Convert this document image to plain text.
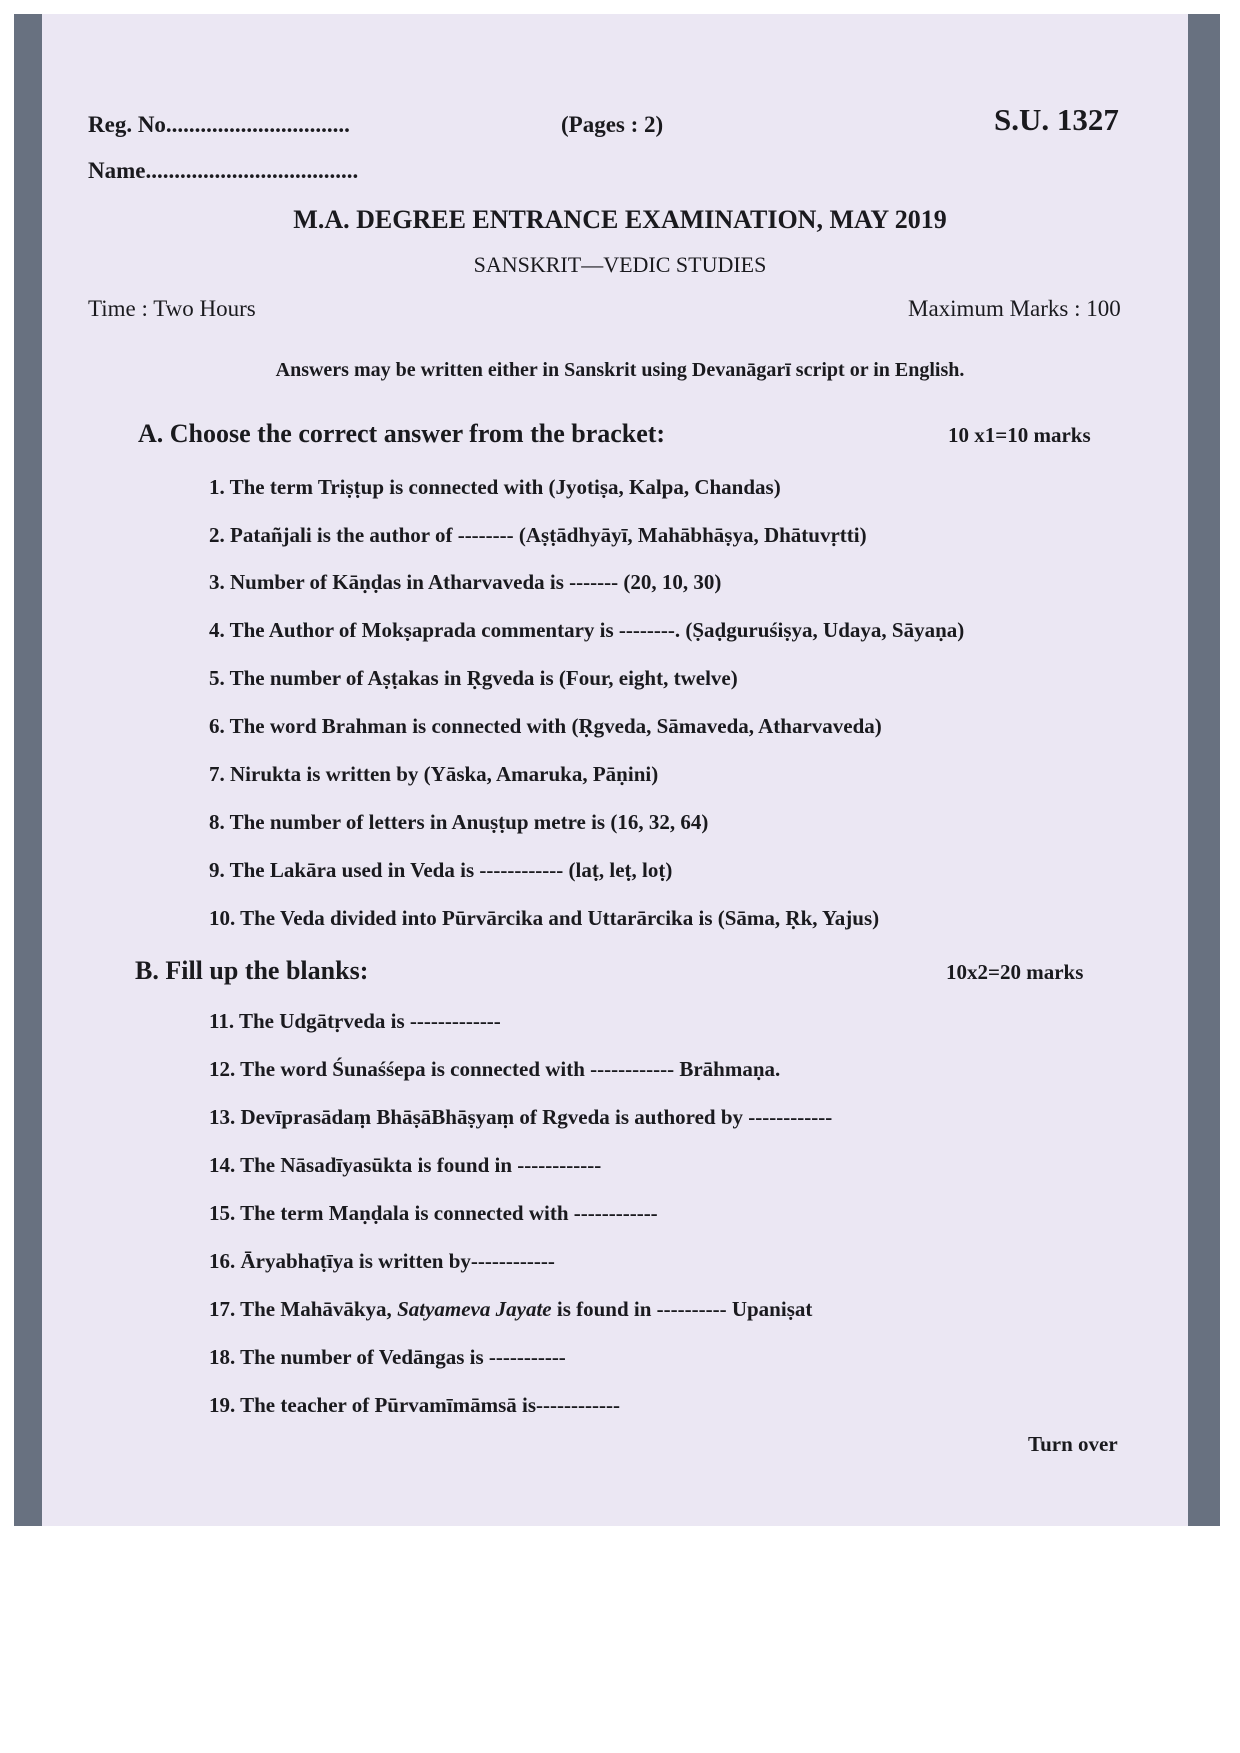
Reg. No................................	(Pages : 2)	S.U. 1327
Name.....................................
M.A. DEGREE ENTRANCE EXAMINATION, MAY 2019
SANSKRIT—VEDIC STUDIES
Time : Two Hours	Maximum Marks : 100
Answers may be written either in Sanskrit using Devanāgarī script or in English.
A. Choose the correct answer from the bracket:	10 x1=10 marks
1. The term Triṣṭup is connected with (Jyotiṣa, Kalpa, Chandas)
2. Patañjali is the author of -------- (Aṣṭādhyāyī, Mahābhāṣya, Dhātuvṛtti)
3. Number of Kāṇḍas in Atharvaveda is ------- (20, 10, 30)
4. The Author of Mokṣaprada commentary is --------. (Ṣaḍguruśiṣya, Udaya, Sāyaṇa)
5. The number of Aṣṭakas in Ṛgveda is (Four, eight, twelve)
6. The word Brahman is connected with (Ṛgveda, Sāmaveda, Atharvaveda)
7. Nirukta is written by (Yāska, Amaruka, Pāṇini)
8. The number of letters in Anuṣṭup metre is (16, 32, 64)
9. The Lakāra used in Veda is ------------ (laṭ, leṭ, loṭ)
10. The Veda divided into Pūrvārcika and Uttarārcika is (Sāma, Ṛk, Yajus)
B. Fill up the blanks:	10x2=20 marks
11. The Udgātṛveda is -------------
12. The word Śunaśśepa is connected with ------------ Brāhmaṇa.
13. Devīprasādaṃ BhāṣāBhāṣyaṃ of Rgveda is authored by ------------
14. The Nāsadīyasūkta is found in ------------
15. The term Maṇḍala is connected with ------------
16. Āryabhaṭīya is written by------------
17. The Mahāvākya, Satyameva Jayate is found in ---------- Upaniṣat
18. The number of Vedāngas is -----------
19. The teacher of Pūrvamīmāmsā is------------
Turn over
